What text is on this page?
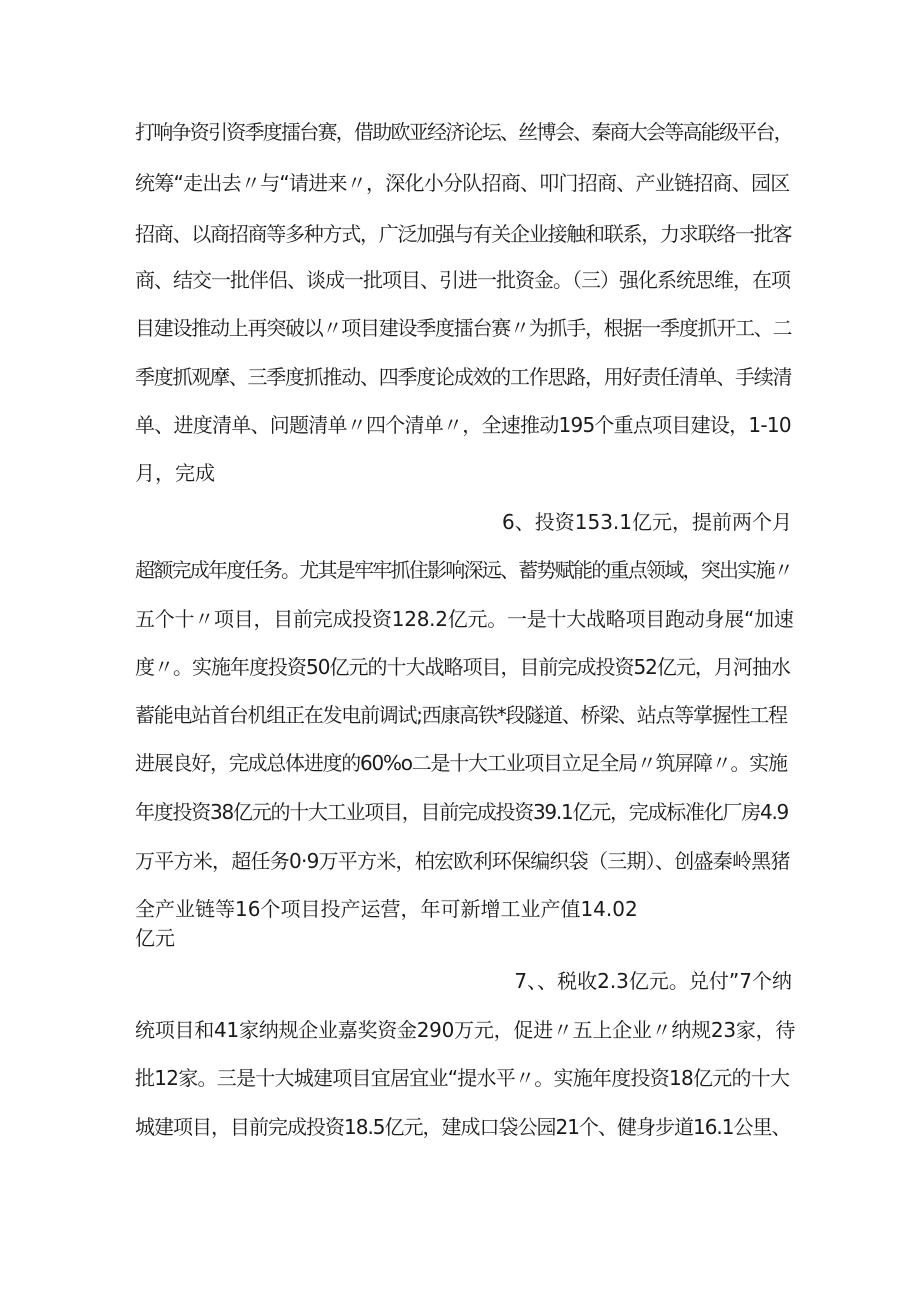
打响争资引资季度擂台赛，借助欧亚经济论坛、丝博会、秦商大会等高能级平台，
统筹“走出去〃与“请进来〃，深化小分队招商、叩门招商、产业链招商、园区
招商、以商招商等多种方式，广泛加强与有关企业接触和联系，力求联络一批客
商、结交一批伴侣、谈成一批项目、引进一批资金。（三）强化系统思维，在项
目建设推动上再突破以〃项目建设季度擂台赛〃为抓手，根据一季度抓开工、二
季度抓观摩、三季度抓推动、四季度论成效的工作思路，用好责任清单、手续清
单、进度清单、问题清单〃四个清单〃，全速推动195个重点项目建设，1-10
月，完成
6、投资153.1亿元，提前两个月
超额完成年度任务。尤其是牢牢抓住影响深远、蓄势赋能的重点领域，突出实施〃
五个十〃项目，目前完成投资128.2亿元。一是十大战略项目跑动身展“加速
度〃。实施年度投资50亿元的十大战略项目，目前完成投资52亿元，月河抽水
蓄能电站首台机组正在发电前调试;西康高铁*段隧道、桥梁、站点等掌握性工程
进展良好，完成总体进度的60%o二是十大工业项目立足全局〃筑屏障〃。实施
年度投资38亿元的十大工业项目，目前完成投资39.1亿元，完成标准化厂房4.9
万平方米，超任务0·9万平方米，柏宏欧利环保编织袋（三期）、创盛秦岭黑猪
全产业链等16个项目投产运营，年可新增工业产值14.02
亿元
7、、税收2.3亿元。兑付”7个纳
统项目和41家纳规企业嘉奖资金290万元，促进〃五上企业〃纳规23家，待
批12家。三是十大城建项目宜居宜业“提水平〃。实施年度投资18亿元的十大
城建项目，目前完成投资18.5亿元，建成口袋公园21个、健身步道16.1公里、
